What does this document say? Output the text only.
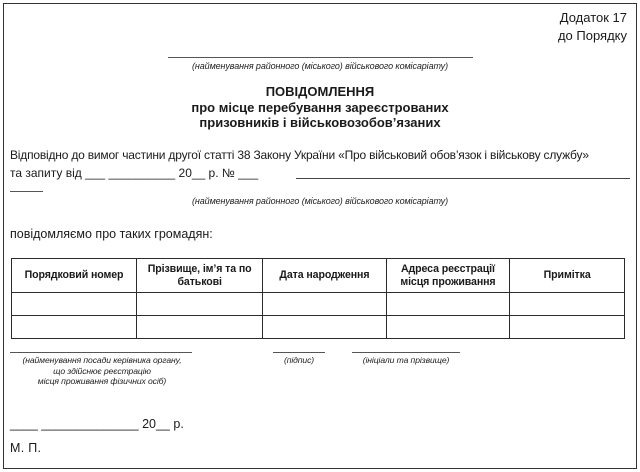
Додаток 17
до Порядку
(найменування районного (міського) військового комісаріату)
ПОВІДОМЛЕННЯ
про місце перебування зареєстрованих
призовників і військовозобов’язаних
Відповідно до вимог частини другої статті 38 Закону України «Про військовий обов’язок і військову службу»
та запиту від ___ __________ 20__ р. № ___
(найменування районного (міського) військового комісаріату)
повідомляємо про таких громадян:
Порядковий номер	Прізвище, ім’я та по батькові	Дата народження	Адреса реєстрації місця проживання	Примітка

(найменування посади керівника органу,
що здійснює реєстрацію
місця проживання фізичних осіб)
(підпис)	(ініціали та прізвище)
____ ______________ 20__ р.
М. П.
